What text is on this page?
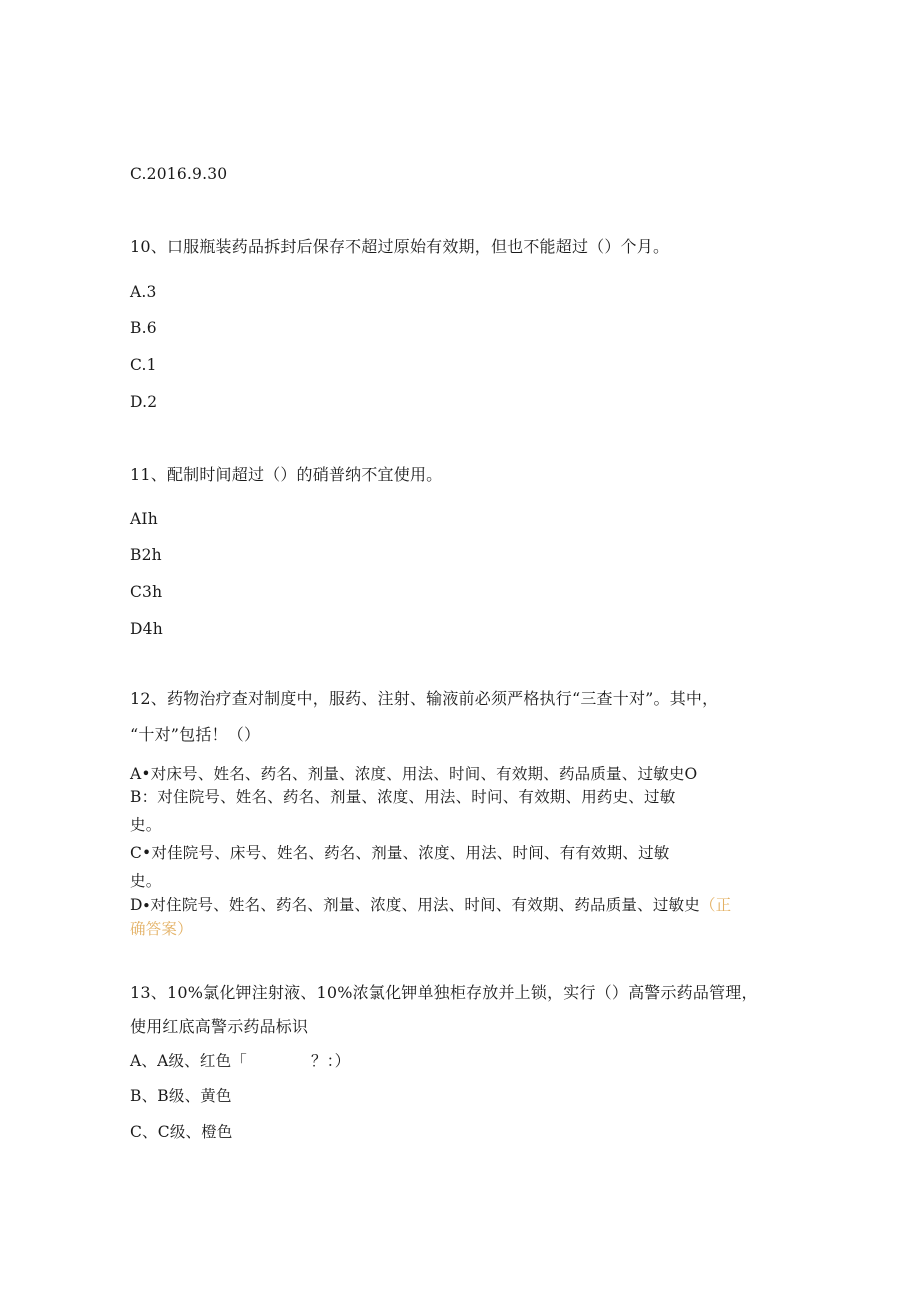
C.2016.9.30
10、口服瓶装药品拆封后保存不超过原始有效期，但也不能超过（）个月。
A.3
B.6
C.1
D.2
11、配制时间超过（）的硝普纳不宜使用。
AIh
B2h
C3h
D4h
12、药物治疗查对制度中，服药、注射、输液前必须严格执行“三查十对”。其中，
“十对”包括！（）
A•对床号、姓名、药名、剂量、浓度、用法、时间、有效期、药品质量、过敏史O
B：对住院号、姓名、药名、剂量、浓度、用法、时问、有效期、用药史、过敏
史。
C•对佳院号、床号、姓名、药名、剂量、浓度、用法、时间、有有效期、过敏
史。
D∙对住院号、姓名、药名、剂量、浓度、用法、时间、有效期、药品质量、过敏史（正
确答案）
13、10%氯化钾注射液、10%浓氯化钾单独柜存放并上锁，实行（）高警示药品管理，
使用红底高警示药品标识
A、A级、红色「	？：）
B、B级、黄色
C、C级、橙色
